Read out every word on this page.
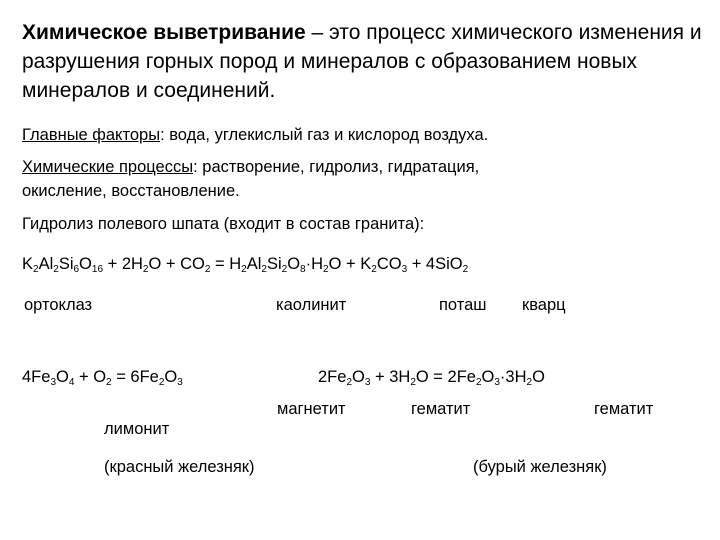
Химическое выветривание – это процесс химического изменения и разрушения горных пород и минералов с образованием новых минералов и соединений.
Главные факторы: вода, углекислый газ и кислород воздуха.
Химические процессы: растворение, гидролиз, гидратация,
окисление, восстановление.
Гидролиз полевого шпата (входит в состав гранита):
$K_2Al_2Si_6O_{16} + 2H_2O + CO_2 = H_2Al_2Si_2O_8\cdot H_2O + K_2CO_3 + 4SiO_2$
ортоклаз	каолинит	поташ кварц
$4Fe_3O_4 + O_2 = 6Fe_2O_3$	$2Fe_2O_3 + 3H_2O = 2Fe_2O_3\cdot 3H_2O$
магнетит	гематит	гематит
лимонит
(красный железняк)	(бурый железняк)
